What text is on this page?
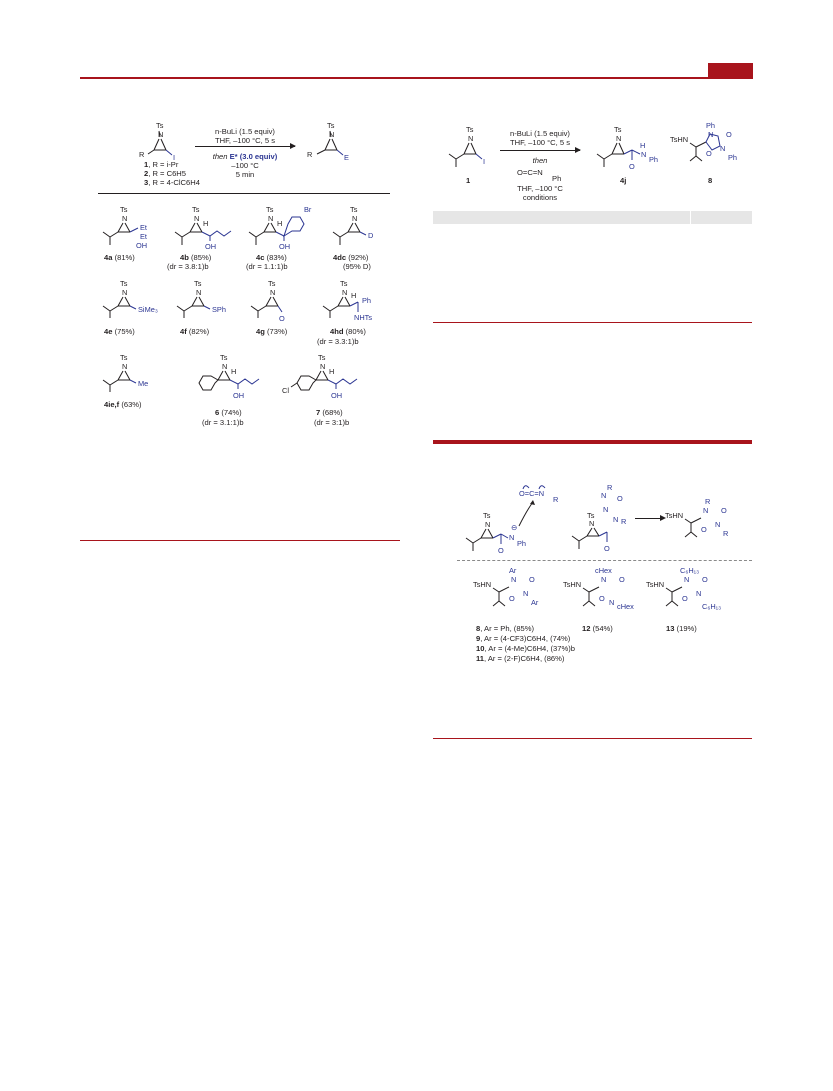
Ts
N
R	I
1, R = i-Pr
2, R = C6H5
3, R = 4-ClC6H4
n-BuLi (1.5 equiv)
THF, –100 °C, 5 s
then E* (3.0 equiv)
–100 °C
5 min
Ts
N
R	E
Ts
N
Et
Et
OH
Ts
N
H
OH
Ts
N
H
OH
Br	Ts
N
D
4a (81%)	4b (85%)
(dr = 3.8:1)b
4c (83%)
(dr = 1.1:1)b
4dc (92%)
(95% D)
Ts
N
SiMe₃
Ts
N
SPh
Ts
N
O
Ts
N H
Ph
NHTs
4e (75%)	4f (82%)	4g (73%)	4hd (80%)
(dr = 3.3:1)b
Ts
N
Me
Ts
N
H
OH
Ts
N
Cl
H
OH
4ie,f (63%)
6 (74%)
(dr = 3.1:1)b
7 (68%)
(dr = 3:1)b
Ts
N
I
1
n-BuLi (1.5 equiv)
THF, –100 °C, 5 s
then
O=C=N
Ph
THF, –100 °C
conditions
Ts
N
O
H
N
Ph
4j
TsHN
Ph
N O
O
N
Ph
8
O=C=N
R
Ts
N
O
N
⊖
Ph
R
N
N
O
N R
Ts
N
O
TsHN
R
N O
O
N
R
TsHN
Ar
N O
O
N
Ar
TsHN
cHex
N O
O N cHex
TsHN
C₆H₁₃
N O
O
N
C₆H₁₃
8, Ar = Ph, (85%)
9, Ar = (4-CF3)C6H4, (74%)
10, Ar = (4-Me)C6H4, (37%)b
11, Ar = (2-F)C6H4, (86%)
12 (54%)	13 (19%)
